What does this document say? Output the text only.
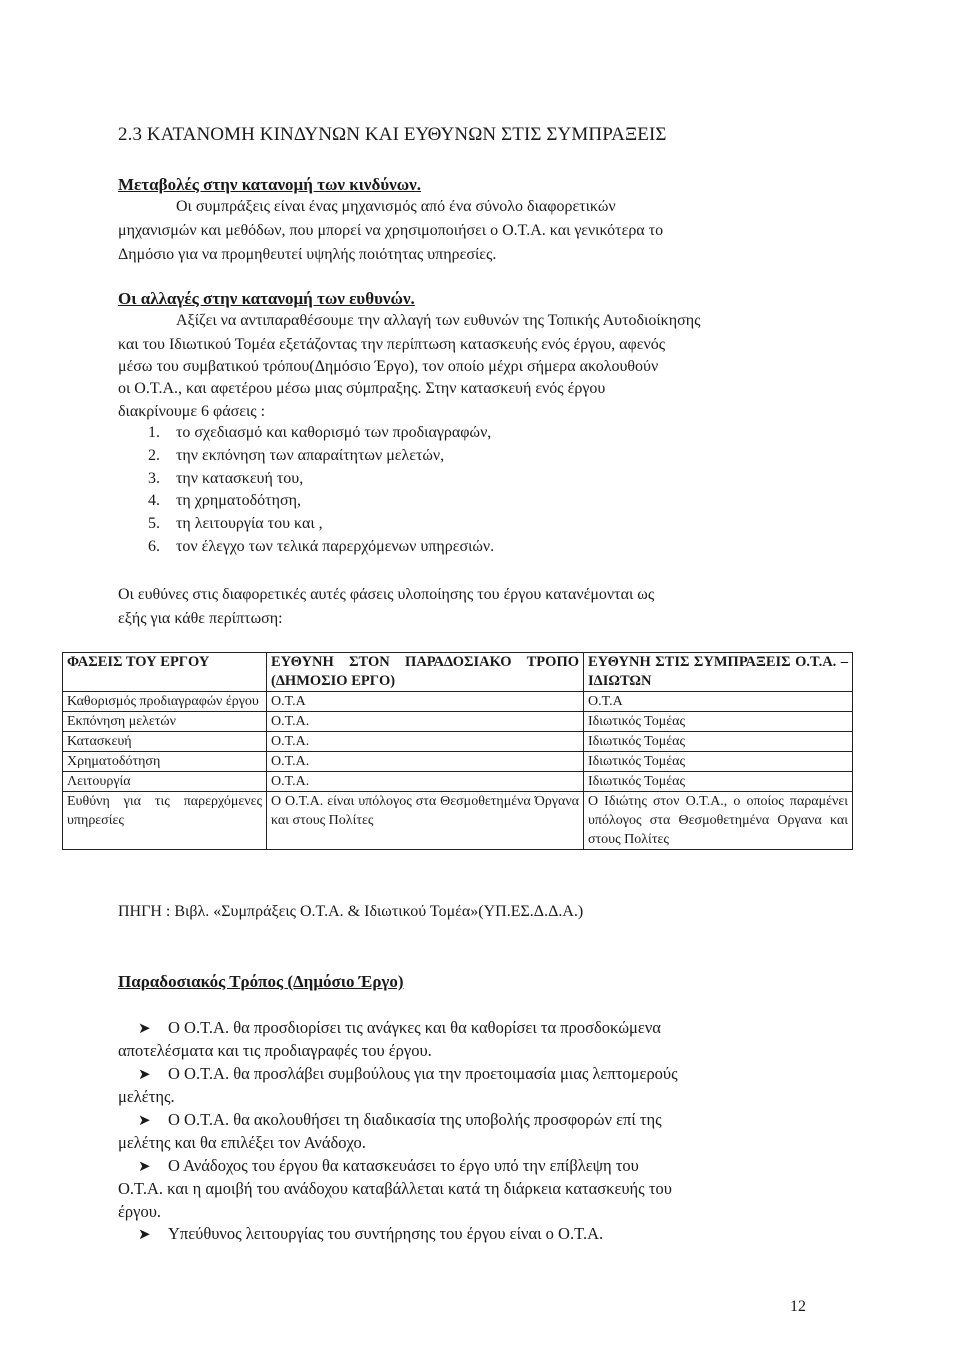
2.3 ΚΑΤΑΝΟΜΗ ΚΙΝΔΥΝΩΝ ΚΑΙ ΕΥΘΥΝΩΝ ΣΤΙΣ ΣΥΜΠΡΑΞΕΙΣ
Μεταβολές στην κατανομή των κινδύνων.
Οι συμπράξεις είναι ένας μηχανισμός από ένα σύνολο διαφορετικών
μηχανισμών και μεθόδων, που μπορεί να χρησιμοποιήσει ο Ο.Τ.Α. και γενικότερα το
Δημόσιο για να προμηθευτεί υψηλής ποιότητας υπηρεσίες.
Οι αλλαγές στην κατανομή των ευθυνών.
Αξίζει να αντιπαραθέσουμε την αλλαγή των ευθυνών της Τοπικής Αυτοδιοίκησης
και του Ιδιωτικού Τομέα εξετάζοντας την περίπτωση κατασκευής ενός έργου, αφενός
μέσω του συμβατικού τρόπου(Δημόσιο Έργο), τον οποίο μέχρι σήμερα ακολουθούν
οι Ο.Τ.Α., και αφετέρου μέσω μιας σύμπραξης. Στην κατασκευή ενός έργου
διακρίνουμε 6 φάσεις :
1. το σχεδιασμό και καθορισμό των προδιαγραφών,
2. την εκπόνηση των απαραίτητων μελετών,
3. την κατασκευή του,
4. τη χρηματοδότηση,
5. τη λειτουργία του και ,
6. τον έλεγχο των τελικά παρερχόμενων υπηρεσιών.
Οι ευθύνες στις διαφορετικές αυτές φάσεις υλοποίησης του έργου κατανέμονται ως
εξής για κάθε περίπτωση:
ΦΑΣΕΙΣ ΤΟΥ ΕΡΓΟΥ	ΕΥΘΥΝΗ ΣΤΟΝ ΠΑΡΑΔΟΣΙΑΚΟ ΤΡΟΠΟ (ΔΗΜΟΣΙΟ ΕΡΓΟ)	ΕΥΘΥΝΗ ΣΤΙΣ ΣΥΜΠΡΑΞΕΙΣ Ο.Τ.Α. – ΙΔΙΩΤΩΝ
Καθορισμός προδιαγραφών έργου	Ο.Τ.Α	Ο.Τ.Α
Εκπόνηση μελετών	Ο.Τ.Α.	Ιδιωτικός Τομέας
Κατασκευή	Ο.Τ.Α.	Ιδιωτικός Τομέας
Χρηματοδότηση	Ο.Τ.Α.	Ιδιωτικός Τομέας
Λειτουργία	Ο.Τ.Α.	Ιδιωτικός Τομέας
Ευθύνη για τις παρερχόμενες υπηρεσίες	Ο Ο.Τ.Α. είναι υπόλογος στα Θεσμοθετημένα Όργανα και στους Πολίτες	Ο Ιδιώτης στον Ο.Τ.Α., ο οποίος παραμένει υπόλογος στα Θεσμοθετημένα Οργανα και στους Πολίτες
ΠΗΓΗ : Βιβλ. «Συμπράξεις Ο.Τ.Α. & Ιδιωτικού Τομέα»(ΥΠ.ΕΣ.Δ.Δ.Α.)
Παραδοσιακός Τρόπος (Δημόσιο Έργο)
➤ Ο Ο.Τ.Α. θα προσδιορίσει τις ανάγκες και θα καθορίσει τα προσδοκώμενα
αποτελέσματα και τις προδιαγραφές του έργου.
➤ Ο Ο.Τ.Α. θα προσλάβει συμβούλους για την προετοιμασία μιας λεπτομερούς
μελέτης.
➤ Ο Ο.Τ.Α. θα ακολουθήσει τη διαδικασία της υποβολής προσφορών επί της
μελέτης και θα επιλέξει τον Ανάδοχο.
➤ Ο Ανάδοχος του έργου θα κατασκευάσει το έργο υπό την επίβλεψη του
Ο.Τ.Α. και η αμοιβή του ανάδοχου καταβάλλεται κατά τη διάρκεια κατασκευής του
έργου.
➤ Υπεύθυνος λειτουργίας του συντήρησης του έργου είναι ο Ο.Τ.Α.
12
